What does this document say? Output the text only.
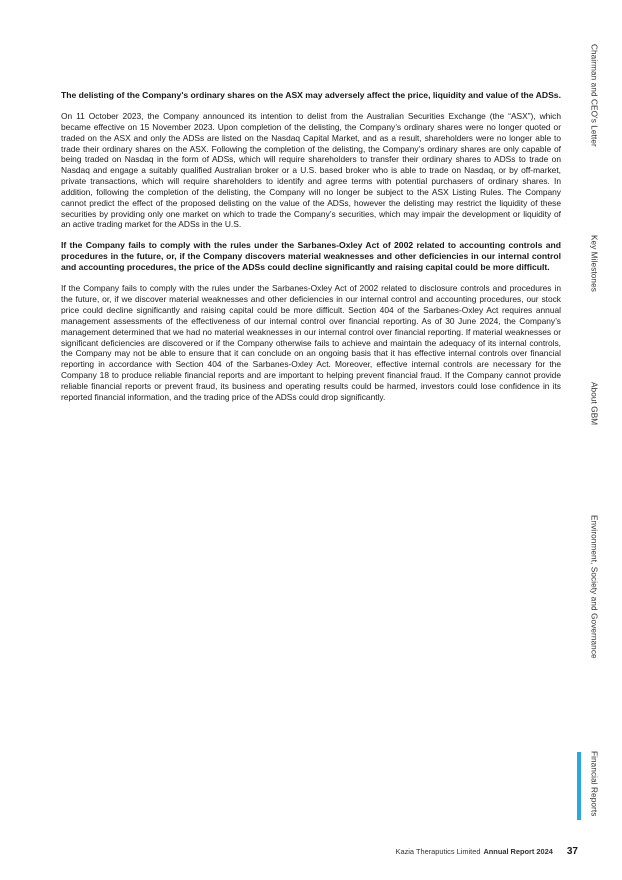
The delisting of the Company's ordinary shares on the ASX may adversely affect the price, liquidity and value of the ADSs.

On 11 October 2023, the Company announced its intention to delist from the Australian Securities Exchange (the “ASX”), which became effective on 15 November 2023. Upon completion of the delisting, the Company’s ordinary shares were no longer quoted or traded on the ASX and only the ADSs are listed on the Nasdaq Capital Market, and as a result, shareholders were no longer able to trade their ordinary shares on the ASX. Following the completion of the delisting, the Company’s ordinary shares are only capable of being traded on Nasdaq in the form of ADSs, which will require shareholders to transfer their ordinary shares to ADSs to trade on Nasdaq and engage a suitably qualified Australian broker or a U.S. based broker who is able to trade on Nasdaq, or by off-market, private transactions, which will require shareholders to identify and agree terms with potential purchasers of ordinary shares. In addition, following the completion of the delisting, the Company will no longer be subject to the ASX Listing Rules. The Company cannot predict the effect of the proposed delisting on the value of the ADSs, however the delisting may restrict the liquidity of these securities by providing only one market on which to trade the Company’s securities, which may impair the development or liquidity of an active trading market for the ADSs in the U.S.

If the Company fails to comply with the rules under the Sarbanes-Oxley Act of 2002 related to accounting controls and procedures in the future, or, if the Company discovers material weaknesses and other deficiencies in our internal control and accounting procedures, the price of the ADSs could decline significantly and raising capital could be more difficult.

If the Company fails to comply with the rules under the Sarbanes-Oxley Act of 2002 related to disclosure controls and procedures in the future, or, if we discover material weaknesses and other deficiencies in our internal control and accounting procedures, our stock price could decline significantly and raising capital could be more difficult. Section 404 of the Sarbanes-Oxley Act requires annual management assessments of the effectiveness of our internal control over financial reporting. As of 30 June 2024, the Company’s management determined that we had no material weaknesses in our internal control over financial reporting. If material weaknesses or significant deficiencies are discovered or if the Company otherwise fails to achieve and maintain the adequacy of its internal controls, the Company may not be able to ensure that it can conclude on an ongoing basis that it has effective internal controls over financial reporting in accordance with Section 404 of the Sarbanes-Oxley Act. Moreover, effective internal controls are necessary for the Company 18 to produce reliable financial reports and are important to helping prevent financial fraud. If the Company cannot provide reliable financial reports or prevent fraud, its business and operating results could be harmed, investors could lose confidence in its reported financial information, and the trading price of the ADSs could drop significantly.

Chairman and CEO's Letter
Key Milestones
About GBM
Environment, Society and Governance
Financial Reports
Kazia Theraputics Limited Annual Report 2024 37
